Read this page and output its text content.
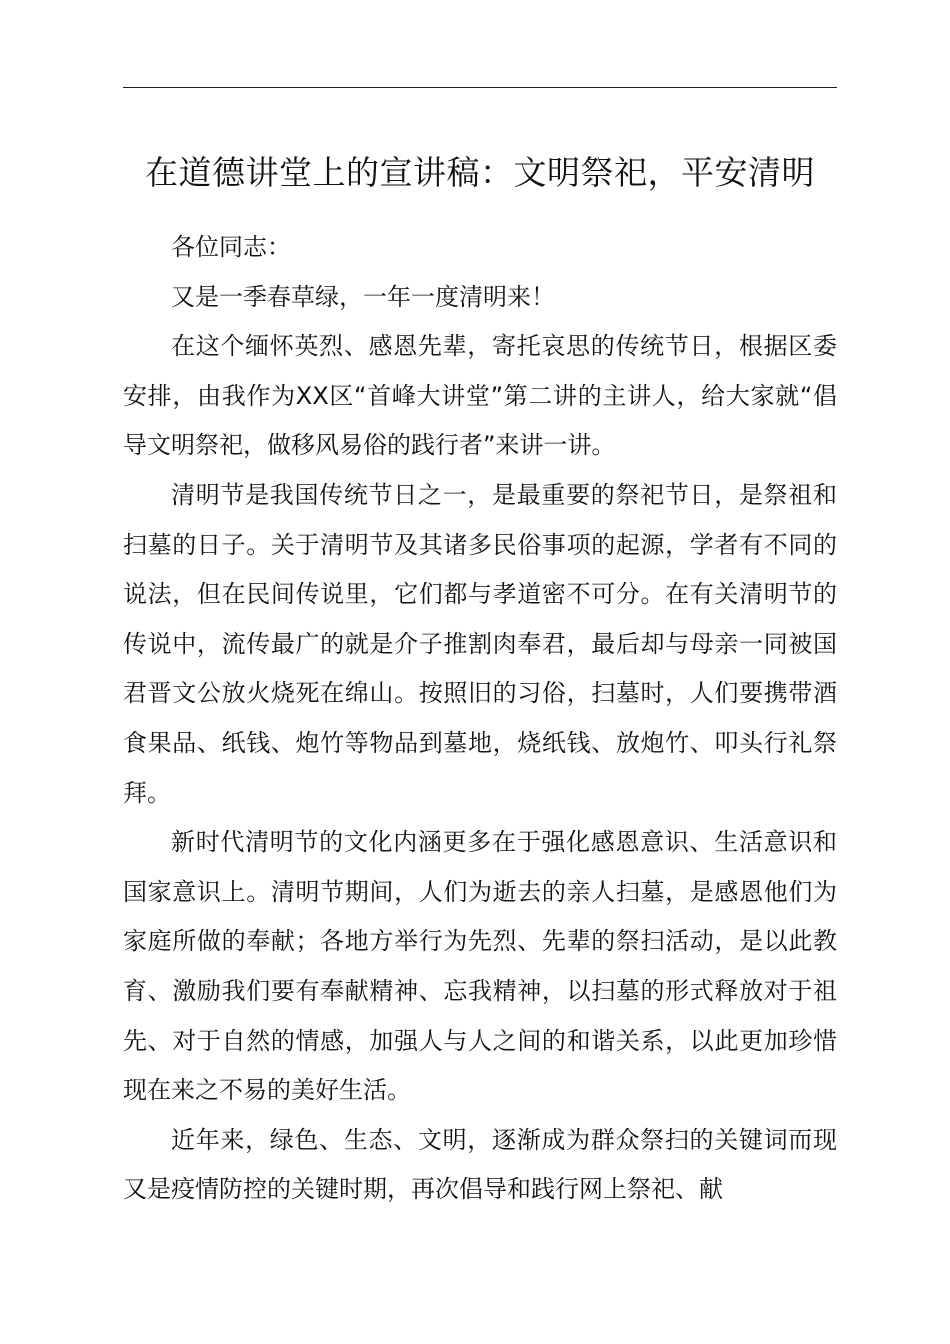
在道德讲堂上的宣讲稿：文明祭祀，平安清明

各位同志：

又是一季春草绿，一年一度清明来！

在这个缅怀英烈、感恩先辈，寄托哀思的传统节日，根据区委安排，由我作为XX区“首峰大讲堂”第二讲的主讲人，给大家就“倡导文明祭祀，做移风易俗的践行者”来讲一讲。

清明节是我国传统节日之一，是最重要的祭祀节日，是祭祖和扫墓的日子。关于清明节及其诸多民俗事项的起源，学者有不同的说法，但在民间传说里，它们都与孝道密不可分。在有关清明节的传说中，流传最广的就是介子推割肉奉君，最后却与母亲一同被国君晋文公放火烧死在绵山。按照旧的习俗，扫墓时，人们要携带酒食果品、纸钱、炮竹等物品到墓地，烧纸钱、放炮竹、叩头行礼祭拜。

新时代清明节的文化内涵更多在于强化感恩意识、生活意识和国家意识上。清明节期间，人们为逝去的亲人扫墓，是感恩他们为家庭所做的奉献；各地方举行为先烈、先辈的祭扫活动，是以此教育、激励我们要有奉献精神、忘我精神，以扫墓的形式释放对于祖先、对于自然的情感，加强人与人之间的和谐关系，以此更加珍惜现在来之不易的美好生活。

近年来，绿色、生态、文明，逐渐成为群众祭扫的关键词而现又是疫情防控的关键时期，再次倡导和践行网上祭祀、献
